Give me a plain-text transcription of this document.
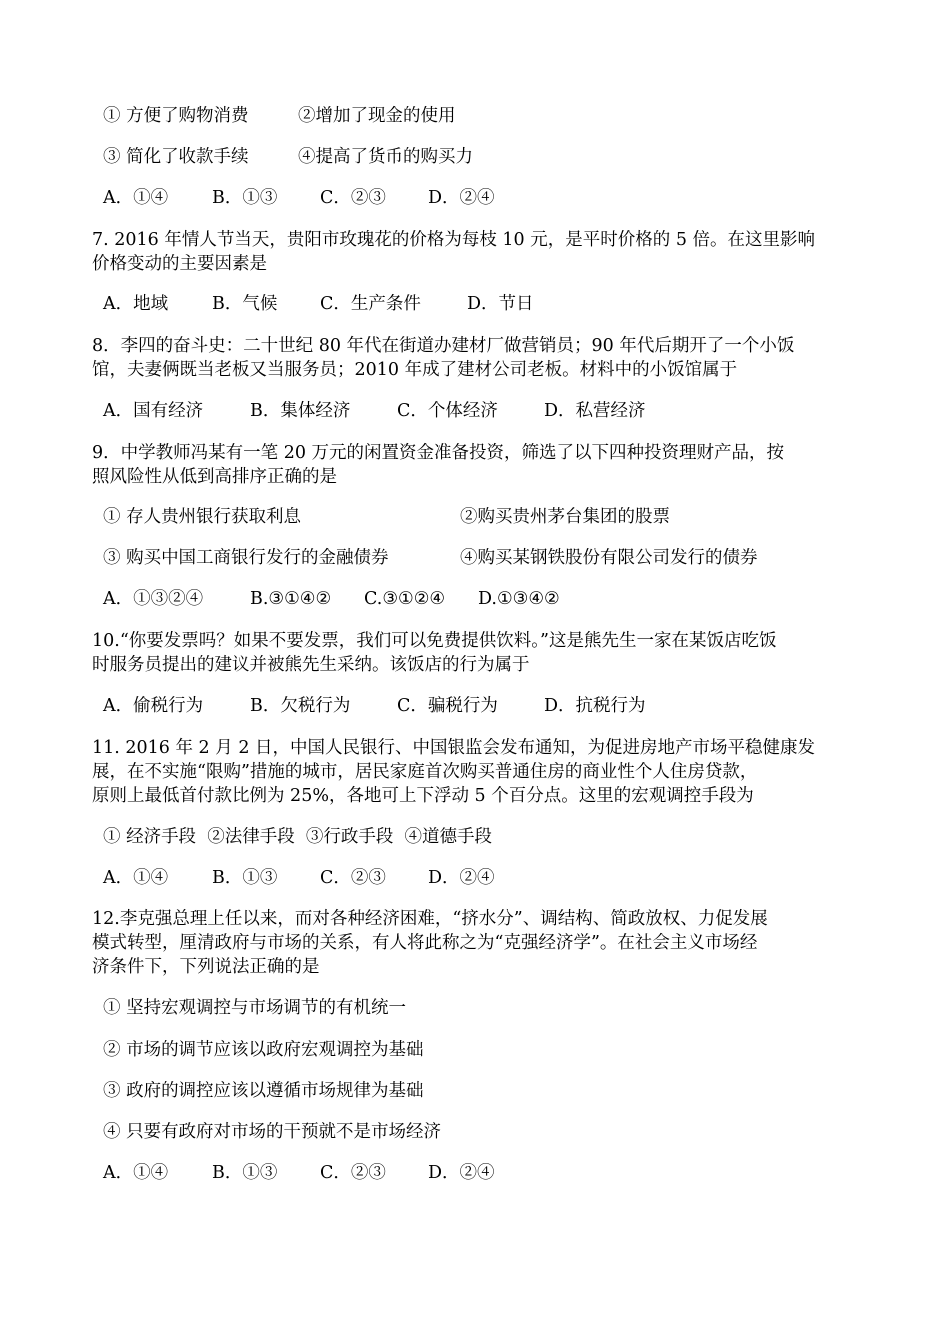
① 方便了购物消费	②增加了现金的使用
③ 简化了收款手续	④提高了货币的购买力
A．①④	B．①③ C．②③ D．②④
7. 2016 年情人节当天，贵阳市玫瑰花的价格为每枝 10 元，是平时价格的 5 倍。在这里影响
价格变动的主要因素是
A．地域	B．气候 C．生产条件	D．节日
8．李四的奋斗史：二十世纪 80 年代在街道办建材厂做营销员；90 年代后期开了一个小饭
馆，夫妻俩既当老板又当服务员；2010 年成了建材公司老板。材料中的小饭馆属于
A．国有经济	B．集体经济	C．个体经济	D．私营经济
9．中学教师冯某有一笔 20 万元的闲置资金准备投资，筛选了以下四种投资理财产品，按
照风险性从低到高排序正确的是
① 存人贵州银行获取利息	②购买贵州茅台集团的股票
③ 购买中国工商银行发行的金融债券	④购买某钢铁股份有限公司发行的债券
A．①③②④	B.③①④② C.③①②④ D.①③④②
10.“你要发票吗？如果不要发票，我们可以免费提供饮料。”这是熊先生一家在某饭店吃饭
时服务员提出的建议并被熊先生采纳。该饭店的行为属于
A．偷税行为	B．欠税行为	C．骗税行为	D．抗税行为
11. 2016 年 2 月 2 日，中国人民银行、中国银监会发布通知，为促进房地产市场平稳健康发
展，在不实施“限购”措施的城市，居民家庭首次购买普通住房的商业性个人住房贷款，
原则上最低首付款比例为 25%，各地可上下浮动 5 个百分点。这里的宏观调控手段为
① 经济手段  ②法律手段  ③行政手段  ④道德手段
A．①④	B．①③ C．②③ D．②④
12.李克强总理上任以来，而对各种经济困难，“挤水分”、调结构、简政放权、力促发展
模式转型，厘清政府与市场的关系，有人将此称之为“克强经济学”。在社会主义市场经
济条件下，下列说法正确的是
① 坚持宏观调控与市场调节的有机统一
② 市场的调节应该以政府宏观调控为基础
③ 政府的调控应该以遵循市场规律为基础
④ 只要有政府对市场的干预就不是市场经济
A．①④	B．①③ C．②③ D．②④
